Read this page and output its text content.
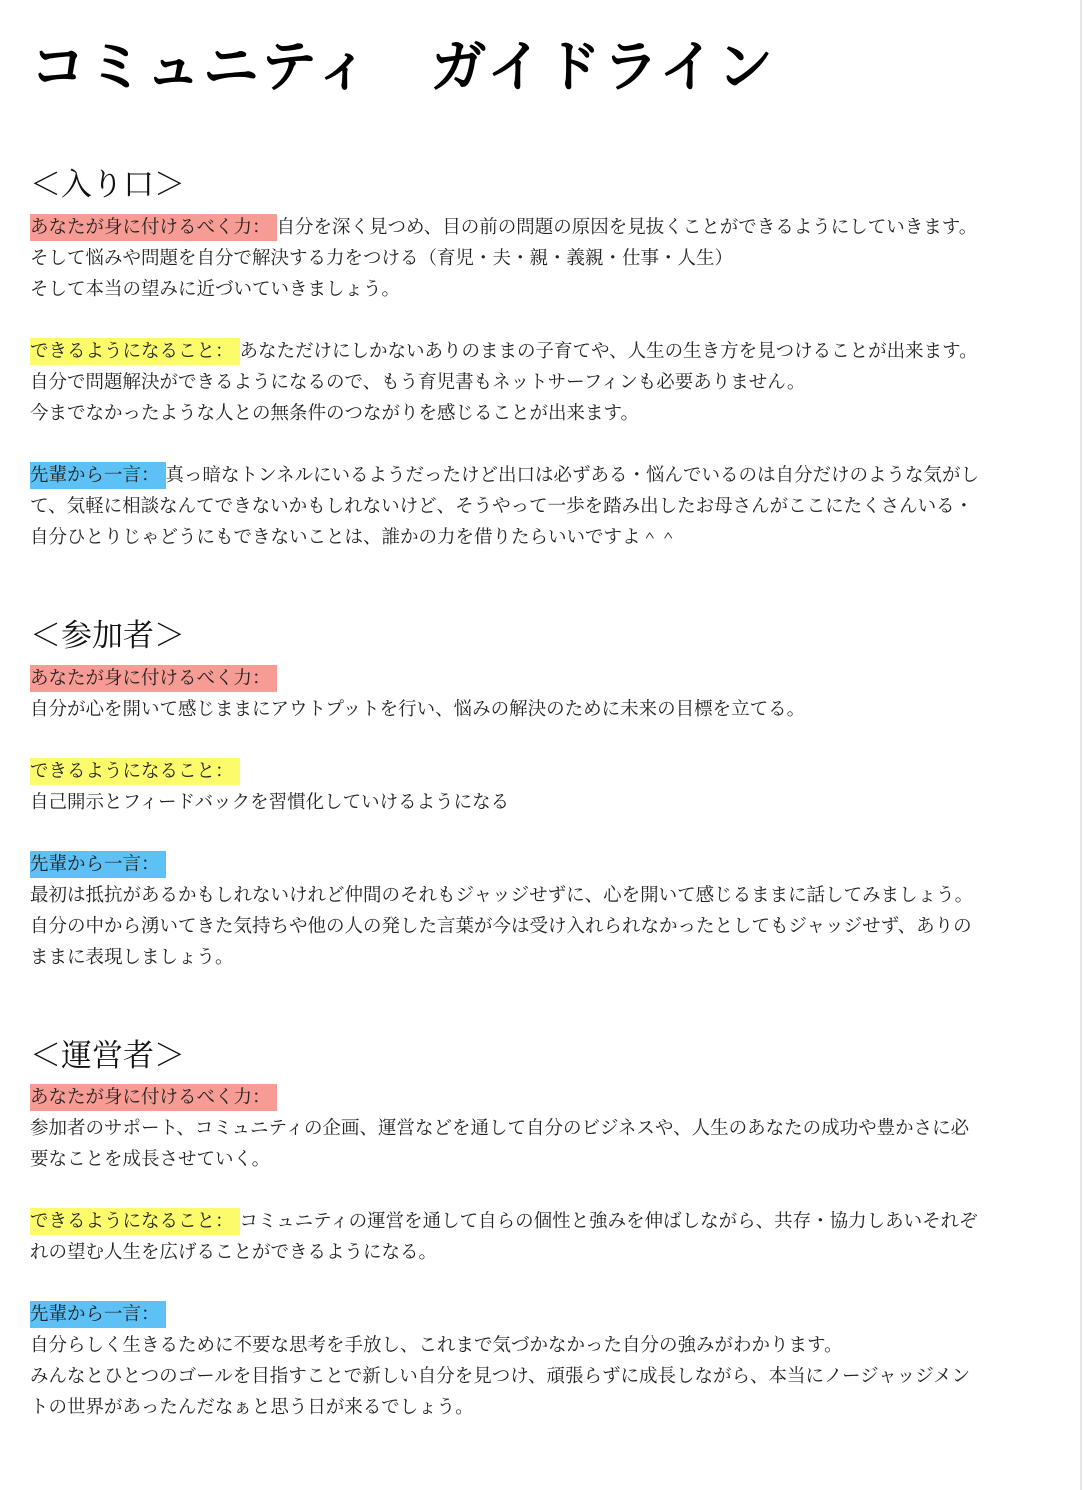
コミュニティ　ガイドライン
＜入り口＞
あなたが身に付けるべく力： 自分を深く見つめ、目の前の問題の原因を見抜くことができるようにしていきます。
そして悩みや問題を自分で解決する力をつける（育児・夫・親・義親・仕事・人生）
そして本当の望みに近づいていきましょう。
できるようになること： あなただけにしかないありのままの子育てや、人生の生き方を見つけることが出来ます。
自分で問題解決ができるようになるので、もう育児書もネットサーフィンも必要ありません。
今までなかったような人との無条件のつながりを感じることが出来ます。
先輩から一言： 真っ暗なトンネルにいるようだったけど出口は必ずある・悩んでいるのは自分だけのような気がし
て、気軽に相談なんてできないかもしれないけど、そうやって一歩を踏み出したお母さんがここにたくさんいる・
自分ひとりじゃどうにもできないことは、誰かの力を借りたらいいですよ＾＾
＜参加者＞
あなたが身に付けるべく力：
自分が心を開いて感じままにアウトプットを行い、悩みの解決のために未来の目標を立てる。
できるようになること：
自己開示とフィードバックを習慣化していけるようになる
先輩から一言：
最初は抵抗があるかもしれないけれど仲間のそれもジャッジせずに、心を開いて感じるままに話してみましょう。
自分の中から湧いてきた気持ちや他の人の発した言葉が今は受け入れられなかったとしてもジャッジせず、ありの
ままに表現しましょう。
＜運営者＞
あなたが身に付けるべく力：
参加者のサポート、コミュニティの企画、運営などを通して自分のビジネスや、人生のあなたの成功や豊かさに必
要なことを成長させていく。
できるようになること： コミュニティの運営を通して自らの個性と強みを伸ばしながら、共存・協力しあいそれぞ
れの望む人生を広げることができるようになる。
先輩から一言：
自分らしく生きるために不要な思考を手放し、これまで気づかなかった自分の強みがわかります。
みんなとひとつのゴールを目指すことで新しい自分を見つけ、頑張らずに成長しながら、本当にノージャッジメン
トの世界があったんだなぁと思う日が来るでしょう。
